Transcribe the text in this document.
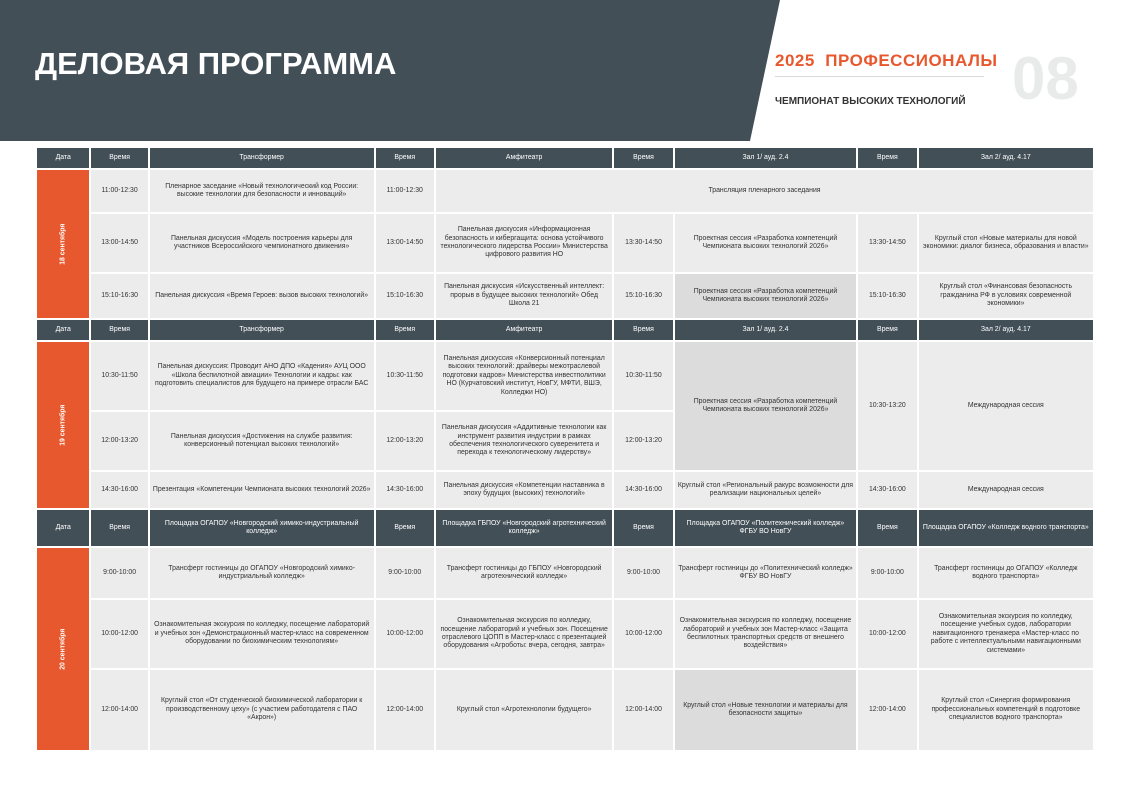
ДЕЛОВАЯ ПРОГРАММА	2025 ПРОФЕССИОНАЛЫ
ЧЕМПИОНАТ ВЫСОКИХ ТЕХНОЛОГИЙ 08
Дата	Время	Трансформер	Время	Амфитеатр	Время	Зал 1/ ауд. 2.4	Время	Зал 2/ ауд. 4.17
18 сентября	11:00-12:30	Пленарное заседание «Новый технологический код России: высокие технологии для безопасности и инноваций»	11:00-12:30	Трансляция пленарного заседания				
	13:00-14:50	Панельная дискуссия «Модель построения карьеры для участников Всероссийского чемпионатного движения»	13:00-14:50	Панельная дискуссия «Информационная безопасность и кибергащита: основа устойчивого технологического лидерства России» Министерства цифрового развития НО	13:30-14:50	Проектная сессия «Разработка компетенций Чемпионата высоких технологий 2026»	13:30-14:50	Круглый стол «Новые материалы для новой экономики: диалог бизнеса, образования и власти»
	15:10-16:30	Панельная дискуссия «Время Героев: вызов высоких технологий»	15:10-16:30	Панельная дискуссия «Искусственный интеллект: прорыв в будущее высоких технологий» Обед Школа 21	15:10-16:30	Проектная сессия «Разработка компетенций Чемпионата высоких технологий 2026»	15:10-16:30	Круглый стол «Финансовая безопасность гражданина РФ в условиях современной экономики»
Дата	Время	Трансформер	Время	Амфитеатр	Время	Зал 1/ ауд. 2.4	Время	Зал 2/ ауд. 4.17
19 сентября	10:30-11:50	Панельная дискуссия: Проводит АНО ДПО «Кадения» АУЦ ООО «Школа беспилотной авиации» Технологии и кадры: как подготовить специалистов для будущего на примере отрасли БАС	10:30-11:50	Панельная дискуссия «Конверсионный потенциал высоких технологий: драйверы межотраслевой подготовки кадров» Министерства инвестполитики НО (Курчатовский институт, НовГУ, МФТИ, ВШЭ, Колледжи НО)	10:30-11:50	Проектная сессия «Разработка компетенций Чемпионата высоких технологий 2026»	10:30-13:20	Международная сессия
	12:00-13:20	Панельная дискуссия «Достижения на службе развития: конверсионный потенциал высоких технологий»	12:00-13:20	Панельная дискуссия «Аддитивные технологии как инструмент развития индустрии в рамках обеспечения технологического суверенитета и перехода к технологическому лидерству»	12:00-13:20			
	14:30-16:00	Презентация «Компетенции Чемпионата высоких технологий 2026»	14:30-16:00	Панельная дискуссия «Компетенции наставника в эпоху будущих (высоких) технологий»	14:30-16:00	Круглый стол «Региональный ракурс возможности для реализации национальных целей»	14:30-16:00	Международная сессия
Дата	Время	Площадка ОГАПОУ «Новгородский химико-индустриальный колледж»	Время	Площадка ГБПОУ «Новгородский агротехнический колледж»	Время	Площадка ОГАПОУ «Политехнический колледж» ФГБУ ВО НовГУ	Время	Площадка ОГАПОУ «Колледж водного транспорта»
20 сентября	9:00-10:00	Трансферт гостиницы до ОГАПОУ «Новгородский химико-индустриальный колледж»	9:00-10:00	Трансферт гостиницы до ГБПОУ «Новгородский агротехнический колледж»	9:00-10:00	Трансферт гостиницы до «Политехнический колледж» ФГБУ ВО НовГУ	9:00-10:00	Трансферт гостиницы до ОГАПОУ «Колледж водного транспорта»
	10:00-12:00	Ознакомительная экскурсия по колледжу, посещение лабораторий и учебных зон «Демонстрационный мастер-класс на современном оборудовании по биохимическим технологиям»	10:00-12:00	Ознакомительная экскурсия по колледжу, посещение лабораторий и учебных зон. Посещение отраслевого ЦОПП в Мастер-класс с презентацией оборудования «Агроботы: вчера, сегодня, завтра»	10:00-12:00	Ознакомительная экскурсия по колледжу, посещение лабораторий и учебных зон Мастер-класс «Защита беспилотных транспортных средств от внешнего воздействия»	10:00-12:00	Ознакомительная экскурсия по колледжу, посещение учебных судов, лаборатории навигационного тренажера «Мастер-класс по работе с интеллектуальными навигационными системами»
	12:00-14:00	Круглый стол «От студенческой биохимической лаборатории к производственному цеху» (с участием работодателя с ПАО «Акрон»)	12:00-14:00	Круглый стол «Агротехнологии будущего»	12:00-14:00	Круглый стол «Новые технологии и материалы для безопасности защиты»	12:00-14:00	Круглый стол «Синергия формирования профессиональных компетенций в подготовке специалистов водного транспорта»
